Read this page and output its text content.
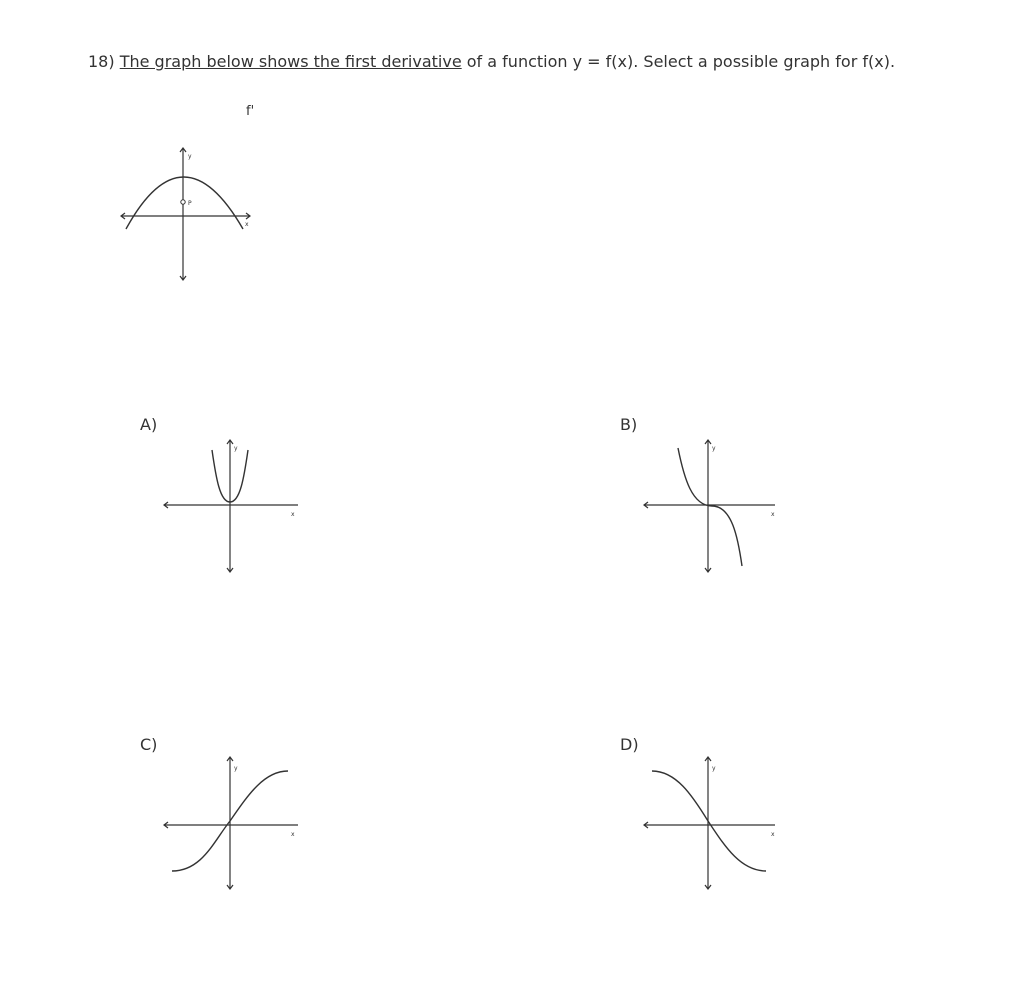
18) The graph below shows the first derivative of a function y = f(x). Select a possible graph for f(x).
f'
P
y
x
A)
y
x
B)
y
x
C)
y
x
D)
y
x
